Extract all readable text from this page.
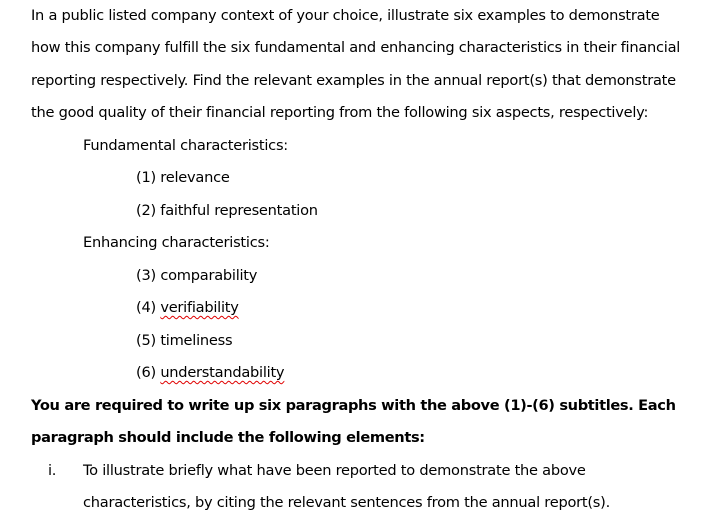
In a public listed company context of your choice, illustrate six examples to demonstrate
how this company fulfill the six fundamental and enhancing characteristics in their financial
reporting respectively. Find the relevant examples in the annual report(s) that demonstrate
the good quality of their financial reporting from the following six aspects, respectively:
Fundamental characteristics:
(1) relevance
(2) faithful representation
Enhancing characteristics:
(3) comparability
(4) verifiability
(5) timeliness
(6) understandability
You are required to write up six paragraphs with the above (1)-(6) subtitles. Each
paragraph should include the following elements:
i. To illustrate briefly what have been reported to demonstrate the above
characteristics, by citing the relevant sentences from the annual report(s).
